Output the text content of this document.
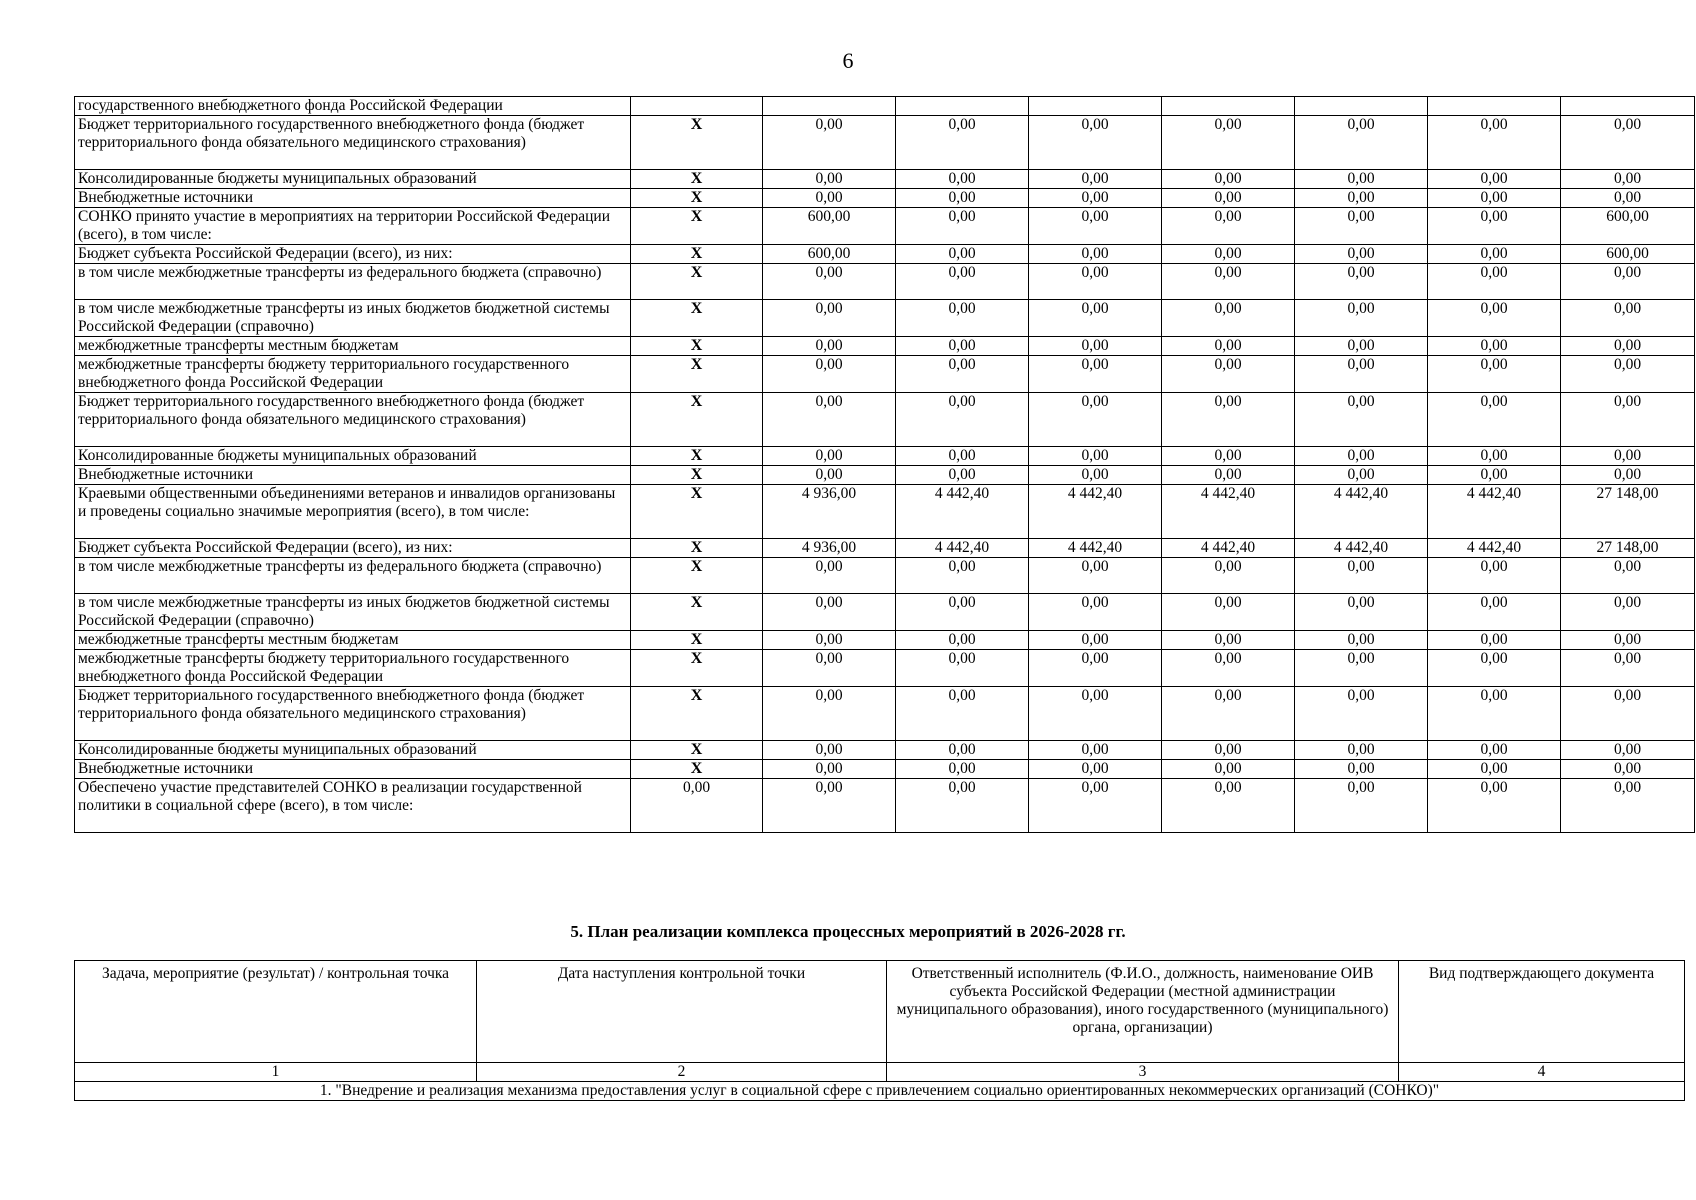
6
государственного внебюджетного фонда Российской Федерации								
Бюджет территориального государственного внебюджетного фонда (бюджет территориального фонда обязательного медицинского страхования)	X	0,00	0,00	0,00	0,00	0,00	0,00	0,00
Консолидированные бюджеты муниципальных образований	X	0,00	0,00	0,00	0,00	0,00	0,00	0,00
Внебюджетные источники	X	0,00	0,00	0,00	0,00	0,00	0,00	0,00
СОНКО принято участие в мероприятиях на территории Российской Федерации (всего), в том числе:	X	600,00	0,00	0,00	0,00	0,00	0,00	600,00
Бюджет субъекта Российской Федерации (всего), из них:	X	600,00	0,00	0,00	0,00	0,00	0,00	600,00
в том числе межбюджетные трансферты из федерального бюджета (справочно)	X	0,00	0,00	0,00	0,00	0,00	0,00	0,00
в том числе межбюджетные трансферты из иных бюджетов бюджетной системы Российской Федерации (справочно)	X	0,00	0,00	0,00	0,00	0,00	0,00	0,00
межбюджетные трансферты местным бюджетам	X	0,00	0,00	0,00	0,00	0,00	0,00	0,00
межбюджетные трансферты бюджету территориального государственного внебюджетного фонда Российской Федерации	X	0,00	0,00	0,00	0,00	0,00	0,00	0,00
Бюджет территориального государственного внебюджетного фонда (бюджет территориального фонда обязательного медицинского страхования)	X	0,00	0,00	0,00	0,00	0,00	0,00	0,00
Консолидированные бюджеты муниципальных образований	X	0,00	0,00	0,00	0,00	0,00	0,00	0,00
Внебюджетные источники	X	0,00	0,00	0,00	0,00	0,00	0,00	0,00
Краевыми общественными объединениями ветеранов и инвалидов организованы и проведены социально значимые мероприятия (всего), в том числе:	X	4 936,00	4 442,40	4 442,40	4 442,40	4 442,40	4 442,40	27 148,00
Бюджет субъекта Российской Федерации (всего), из них:	X	4 936,00	4 442,40	4 442,40	4 442,40	4 442,40	4 442,40	27 148,00
в том числе межбюджетные трансферты из федерального бюджета (справочно)	X	0,00	0,00	0,00	0,00	0,00	0,00	0,00
в том числе межбюджетные трансферты из иных бюджетов бюджетной системы Российской Федерации (справочно)	X	0,00	0,00	0,00	0,00	0,00	0,00	0,00
межбюджетные трансферты местным бюджетам	X	0,00	0,00	0,00	0,00	0,00	0,00	0,00
межбюджетные трансферты бюджету территориального государственного внебюджетного фонда Российской Федерации	X	0,00	0,00	0,00	0,00	0,00	0,00	0,00
Бюджет территориального государственного внебюджетного фонда (бюджет территориального фонда обязательного медицинского страхования)	X	0,00	0,00	0,00	0,00	0,00	0,00	0,00
Консолидированные бюджеты муниципальных образований	X	0,00	0,00	0,00	0,00	0,00	0,00	0,00
Внебюджетные источники	X	0,00	0,00	0,00	0,00	0,00	0,00	0,00
Обеспечено участие представителей СОНКО в реализации государственной политики в социальной сфере (всего), в том числе:	0,00	0,00	0,00	0,00	0,00	0,00	0,00	0,00
5. План реализации комплекса процессных мероприятий в 2026-2028 гг.
Задача, мероприятие (результат) / контрольная точка	Дата наступления контрольной точки	Ответственный исполнитель (Ф.И.О., должность, наименование ОИВ субъекта Российской Федерации (местной администрации муниципального образования), иного государственного (муниципального) органа, организации)	Вид подтверждающего документа
1	2	3	4
1. "Внедрение и реализация механизма предоставления услуг в социальной сфере с привлечением социально ориентированных некоммерческих организаций (СОНКО)"			
